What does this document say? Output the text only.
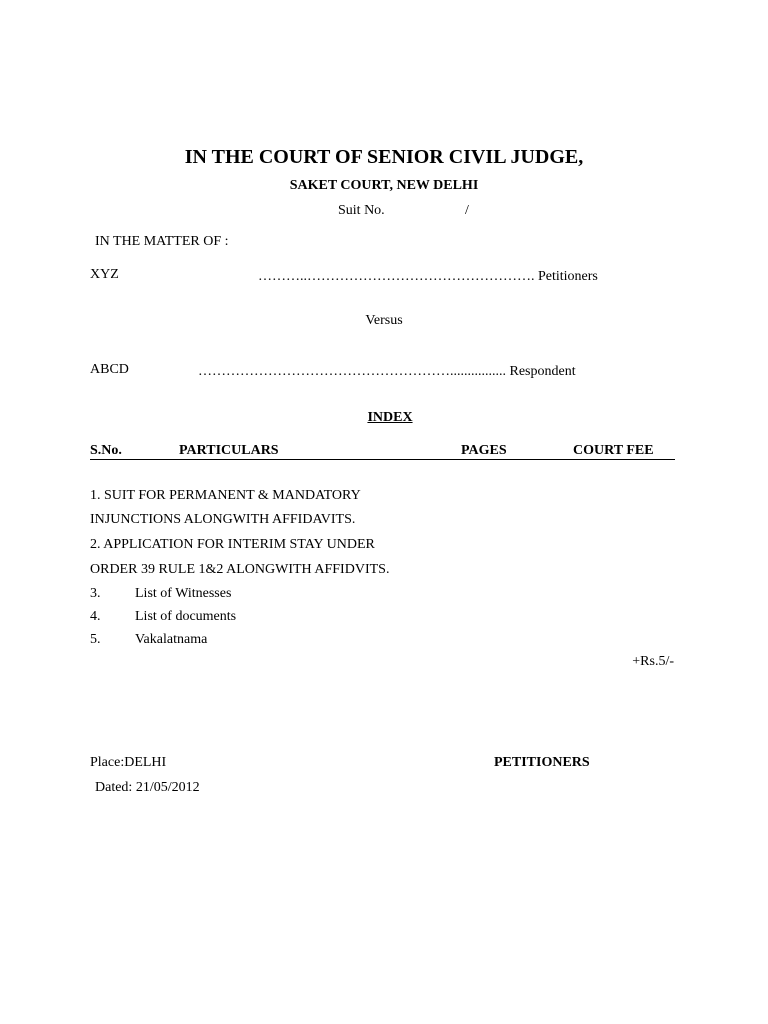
IN THE COURT OF SENIOR CIVIL JUDGE,
SAKET COURT, NEW DELHI
Suit No.	/
IN THE MATTER OF :
XYZ	………..…………………………………………. Petitioners
Versus
ABCD	………………………………………………................ Respondent
INDEX
S.No.	PARTICULARS	PAGES	COURT FEE
1. SUIT FOR PERMANENT & MANDATORY
INJUNCTIONS ALONGWITH AFFIDAVITS.
2. APPLICATION FOR INTERIM STAY UNDER
ORDER 39 RULE 1&2 ALONGWITH AFFIDVITS.
3. List of Witnesses
4. List of documents
5. Vakalatnama
+Rs.5/-
Place:DELHI	PETITIONERS
Dated: 21/05/2012
